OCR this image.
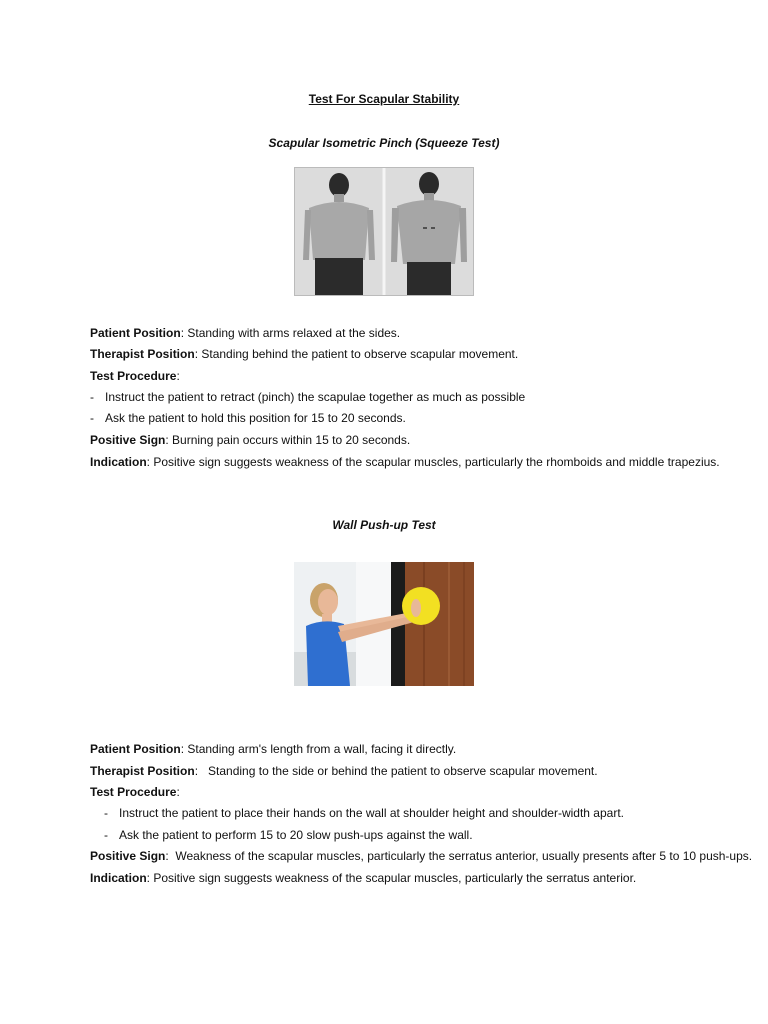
Test For Scapular Stability
Scapular Isometric Pinch (Squeeze Test)
Patient Position: Standing with arms relaxed at the sides.
Therapist Position: Standing behind the patient to observe scapular movement.
Test Procedure:
- Instruct the patient to retract (pinch) the scapulae together as much as possible
- Ask the patient to hold this position for 15 to 20 seconds.
Positive Sign: Burning pain occurs within 15 to 20 seconds.
Indication: Positive sign suggests weakness of the scapular muscles, particularly the rhomboids and middle trapezius.
Wall Push-up Test
Patient Position: Standing arm's length from a wall, facing it directly.
Therapist Position:   Standing to the side or behind the patient to observe scapular movement.
Test Procedure:
- Instruct the patient to place their hands on the wall at shoulder height and shoulder-width apart.
- Ask the patient to perform 15 to 20 slow push-ups against the wall.
Positive Sign:  Weakness of the scapular muscles, particularly the serratus anterior, usually presents after 5 to 10 push-ups.
Indication: Positive sign suggests weakness of the scapular muscles, particularly the serratus anterior.
